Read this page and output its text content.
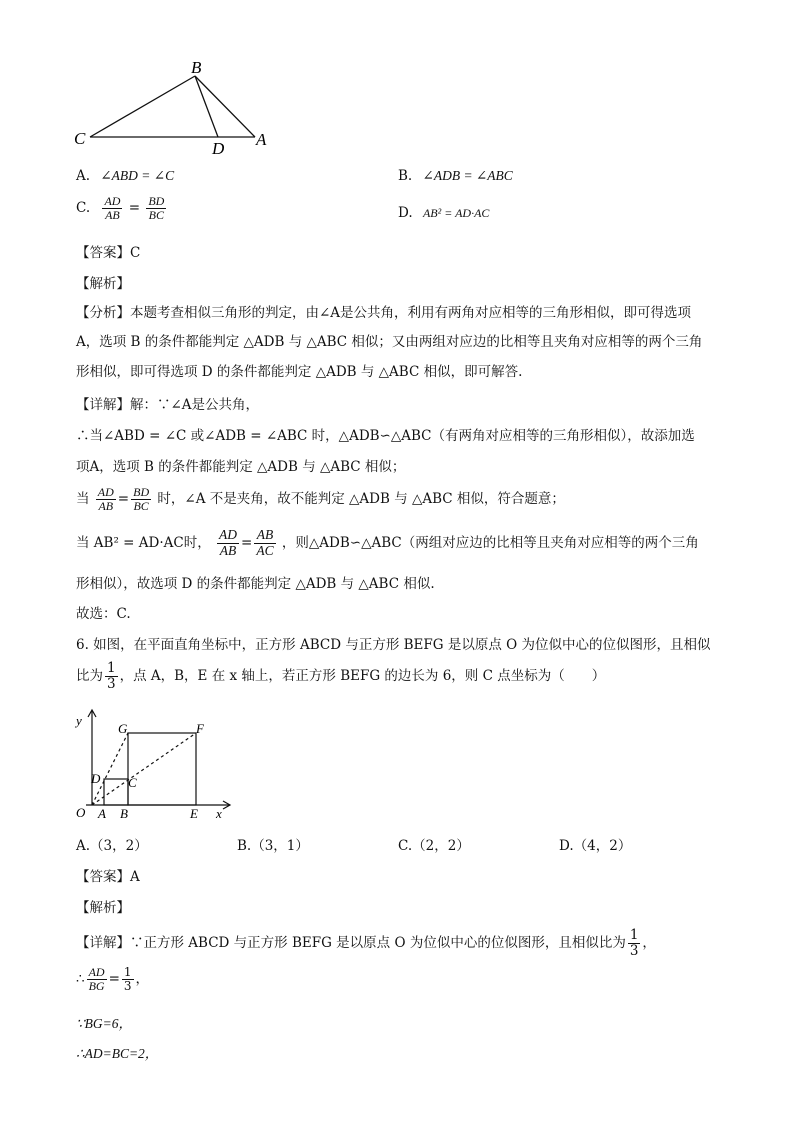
B
C
D A
A. ∠ABD = ∠C	B. ∠ADB = ∠ABC
C. $\frac{AD}{AB} = \frac{BD}{BC}$	D. AB² = AD·AC
【答案】C
【解析】
【分析】本题考查相似三角形的判定，由∠A是公共角，利用有两角对应相等的三角形相似，即可得选项
A，选项 B 的条件都能判定 △ADB 与 △ABC 相似；又由两组对应边的比相等且夹角对应相等的两个三角
形相似，即可得选项 D 的条件都能判定 △ADB 与 △ABC 相似，即可解答.
【详解】解：∵∠A是公共角，
∴当∠ABD = ∠C 或∠ADB = ∠ABC 时，△ADB∽△ABC（有两角对应相等的三角形相似），故添加选
项A，选项 B 的条件都能判定 △ADB 与 △ABC 相似；
当 $\frac{AD}{AB} = \frac{BD}{BC}$ 时，∠A 不是夹角，故不能判定 △ADB 与 △ABC 相似，符合题意；
当 AB² = AD·AC时， $\frac{AD}{AB} = \frac{AB}{AC}$ ，则△ADB∽△ABC（两组对应边的比相等且夹角对应相等的两个三角
形相似），故选项 D 的条件都能判定 △ADB 与 △ABC 相似.
故选：C.
6. 如图，在平面直角坐标中，正方形 ABCD 与正方形 BEFG 是以原点 O 为位似中心的位似图形，且相似
比为 $\frac{1}{3}$ ，点 A，B，E 在 x 轴上，若正方形 BEFG 的边长为 6，则 C 点坐标为（　　）
y
G	F
D C
O A B	E x
A.（3，2）	B.（3，1）	C.（2，2）	D.（4，2）
【答案】A
【解析】
【详解】∵正方形 ABCD 与正方形 BEFG 是以原点 O 为位似中心的位似图形，且相似比为 $\frac{1}{3}$ ，
∴ $\frac{AD}{BG} = \frac{1}{3}$ ，
∵BG=6，
∴AD=BC=2，
